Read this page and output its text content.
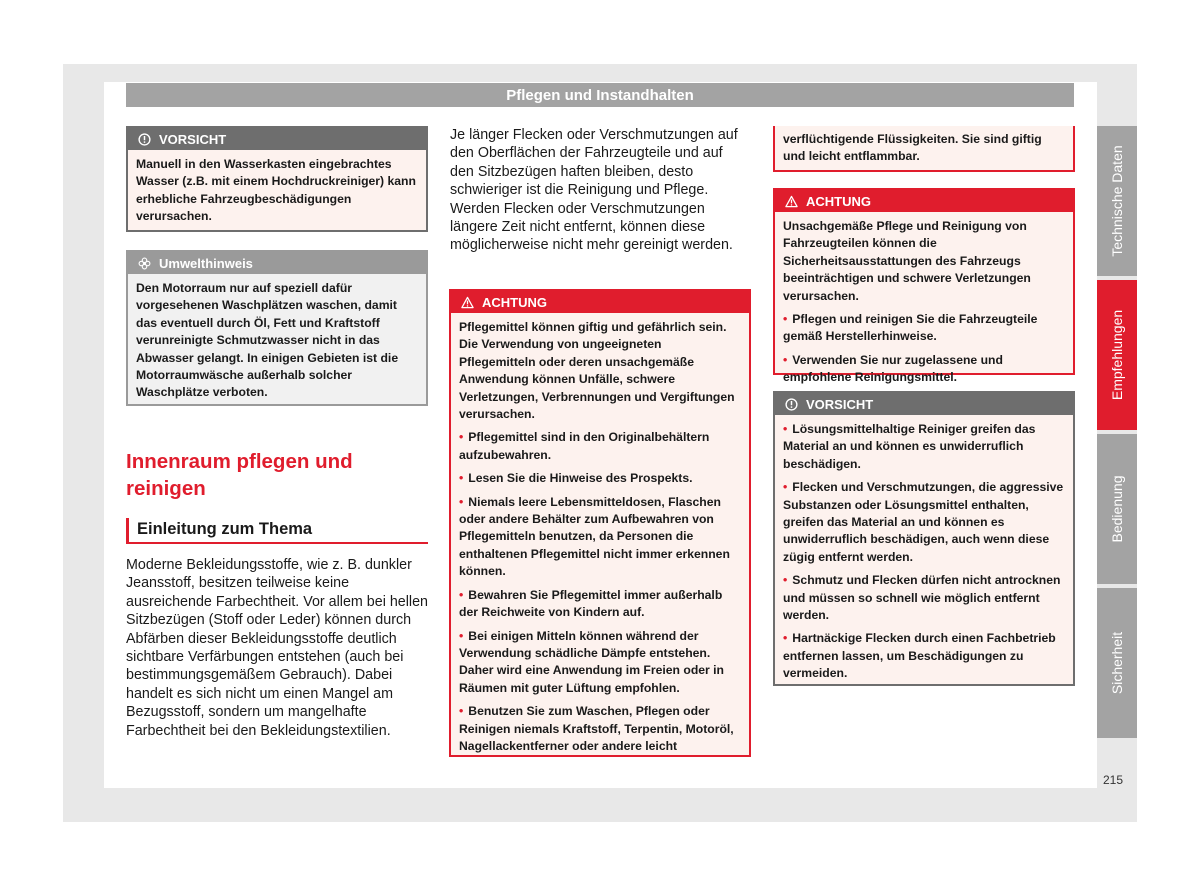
Pflegen und Instandhalten
VORSICHT
Manuell in den Wasserkasten eingebrachtes Wasser (z.B. mit einem Hochdruckreiniger) kann erhebliche Fahrzeugbeschädigungen verursachen.
Umwelthinweis
Den Motorraum nur auf speziell dafür vorgesehenen Waschplätzen waschen, damit das eventuell durch Öl, Fett und Kraftstoff verunreinigte Schmutzwasser nicht in das Abwasser gelangt. In einigen Gebieten ist die Motorraumwäsche außerhalb solcher Waschplätze verboten.
Innenraum pflegen und reinigen
Einleitung zum Thema
Moderne Bekleidungsstoffe, wie z. B. dunkler Jeansstoff, besitzen teilweise keine ausreichende Farbechtheit. Vor allem bei hellen Sitzbezügen (Stoff oder Leder) können durch Abfärben dieser Bekleidungsstoffe deutlich sichtbare Verfärbungen entstehen (auch bei bestimmungsgemäßem Gebrauch). Dabei handelt es sich nicht um einen Mangel am Bezugsstoff, sondern um mangelhafte Farbechtheit bei den Bekleidungstextilien.
Je länger Flecken oder Verschmutzungen auf den Oberflächen der Fahrzeugteile und auf den Sitzbezügen haften bleiben, desto schwieriger ist die Reinigung und Pflege. Werden Flecken oder Verschmutzungen längere Zeit nicht entfernt, können diese möglicherweise nicht mehr gereinigt werden.
ACHTUNG
Pflegemittel können giftig und gefährlich sein. Die Verwendung von ungeeigneten Pflegemitteln oder deren unsachgemäße Anwendung können Unfälle, schwere Verletzungen, Verbrennungen und Vergiftungen verursachen.
• Pflegemittel sind in den Originalbehältern aufzubewahren.
• Lesen Sie die Hinweise des Prospekts.
• Niemals leere Lebensmitteldosen, Flaschen oder andere Behälter zum Aufbewahren von Pflegemitteln benutzen, da Personen die enthaltenen Pflegemittel nicht immer erkennen können.
• Bewahren Sie Pflegemittel immer außerhalb der Reichweite von Kindern auf.
• Bei einigen Mitteln können während der Verwendung schädliche Dämpfe entstehen. Daher wird eine Anwendung im Freien oder in Räumen mit guter Lüftung empfohlen.
• Benutzen Sie zum Waschen, Pflegen oder Reinigen niemals Kraftstoff, Terpentin, Motoröl, Nagellackentferner oder andere leicht
verflüchtigende Flüssigkeiten. Sie sind giftig und leicht entflammbar.
ACHTUNG
Unsachgemäße Pflege und Reinigung von Fahrzeugteilen können die Sicherheitsausstattungen des Fahrzeugs beeinträchtigen und schwere Verletzungen verursachen.
• Pflegen und reinigen Sie die Fahrzeugteile gemäß Herstellerhinweise.
• Verwenden Sie nur zugelassene und empfohlene Reinigungsmittel.
VORSICHT
• Lösungsmittelhaltige Reiniger greifen das Material an und können es unwiderruflich beschädigen.
• Flecken und Verschmutzungen, die aggressive Substanzen oder Lösungsmittel enthalten, greifen das Material an und können es unwiderruflich beschädigen, auch wenn diese zügig entfernt werden.
• Schmutz und Flecken dürfen nicht antrocknen und müssen so schnell wie möglich entfernt werden.
• Hartnäckige Flecken durch einen Fachbetrieb entfernen lassen, um Beschädigungen zu vermeiden.
Technische Daten
Empfehlungen
Bedienung
Sicherheit
215
